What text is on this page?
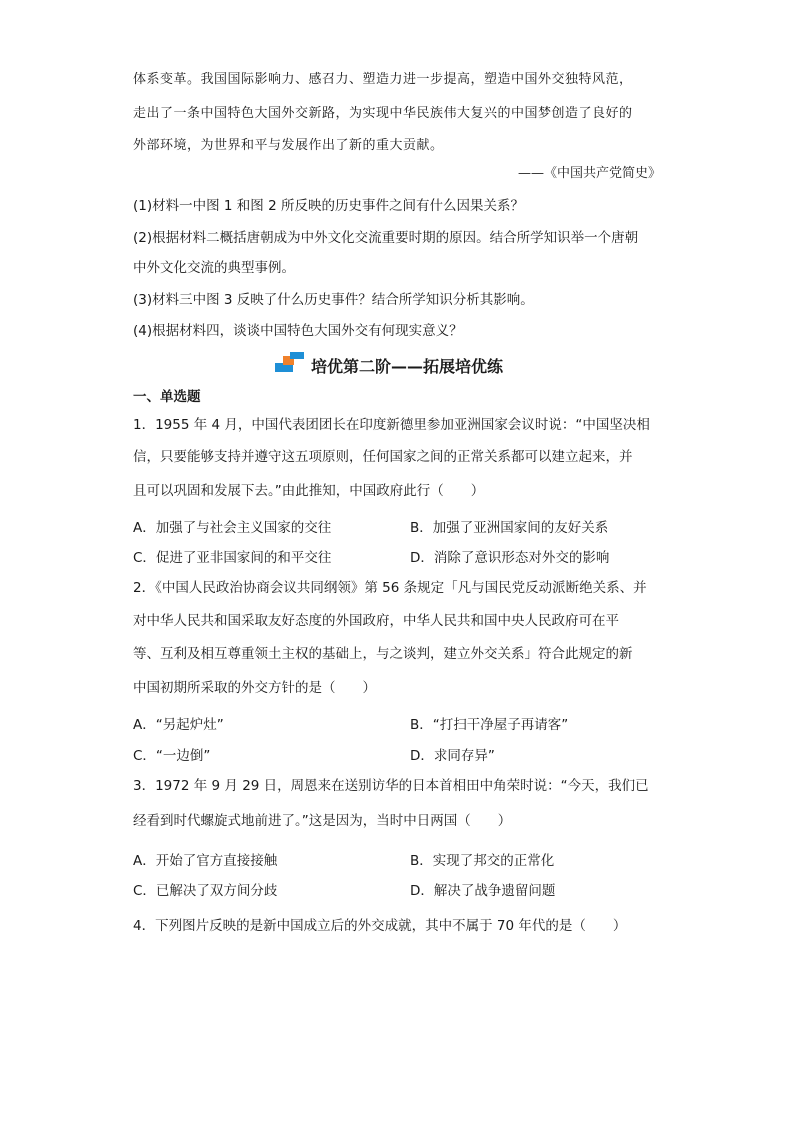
体系变革。我国国际影响力、感召力、塑造力进一步提高，塑造中国外交独特风范，
走出了一条中国特色大国外交新路，为实现中华民族伟大复兴的中国梦创造了良好的
外部环境，为世界和平与发展作出了新的重大贡献。
——《中国共产党简史》
(1)材料一中图 1 和图 2 所反映的历史事件之间有什么因果关系？
(2)根据材料二概括唐朝成为中外文化交流重要时期的原因。结合所学知识举一个唐朝
中外文化交流的典型事例。
(3)材料三中图 3 反映了什么历史事件？结合所学知识分析其影响。
(4)根据材料四，谈谈中国特色大国外交有何现实意义？
培优第二阶——拓展培优练
一、单选题
1．1955 年 4 月，中国代表团团长在印度新德里参加亚洲国家会议时说：“中国坚决相
信，只要能够支持并遵守这五项原则，任何国家之间的正常关系都可以建立起来，并
且可以巩固和发展下去。”由此推知，中国政府此行（　　）
A．加强了与社会主义国家的交往	B．加强了亚洲国家间的友好关系
C．促进了亚非国家间的和平交往	D．消除了意识形态对外交的影响
2．《中国人民政治协商会议共同纲领》第 56 条规定「凡与国民党反动派断绝关系、并
对中华人民共和国采取友好态度的外国政府，中华人民共和国中央人民政府可在平
等、互利及相互尊重领土主权的基础上，与之谈判，建立外交关系」符合此规定的新
中国初期所采取的外交方针的是（　　）
A．“另起炉灶”	B．“打扫干净屋子再请客”
C．“一边倒”	D．求同存异”
3．1972 年 9 月 29 日，周恩来在送别访华的日本首相田中角荣时说：“今天，我们已
经看到时代螺旋式地前进了。”这是因为，当时中日两国（　　）
A．开始了官方直接接触	B．实现了邦交的正常化
C．已解决了双方间分歧	D．解决了战争遗留问题
4．下列图片反映的是新中国成立后的外交成就，其中不属于 70 年代的是（　　）
